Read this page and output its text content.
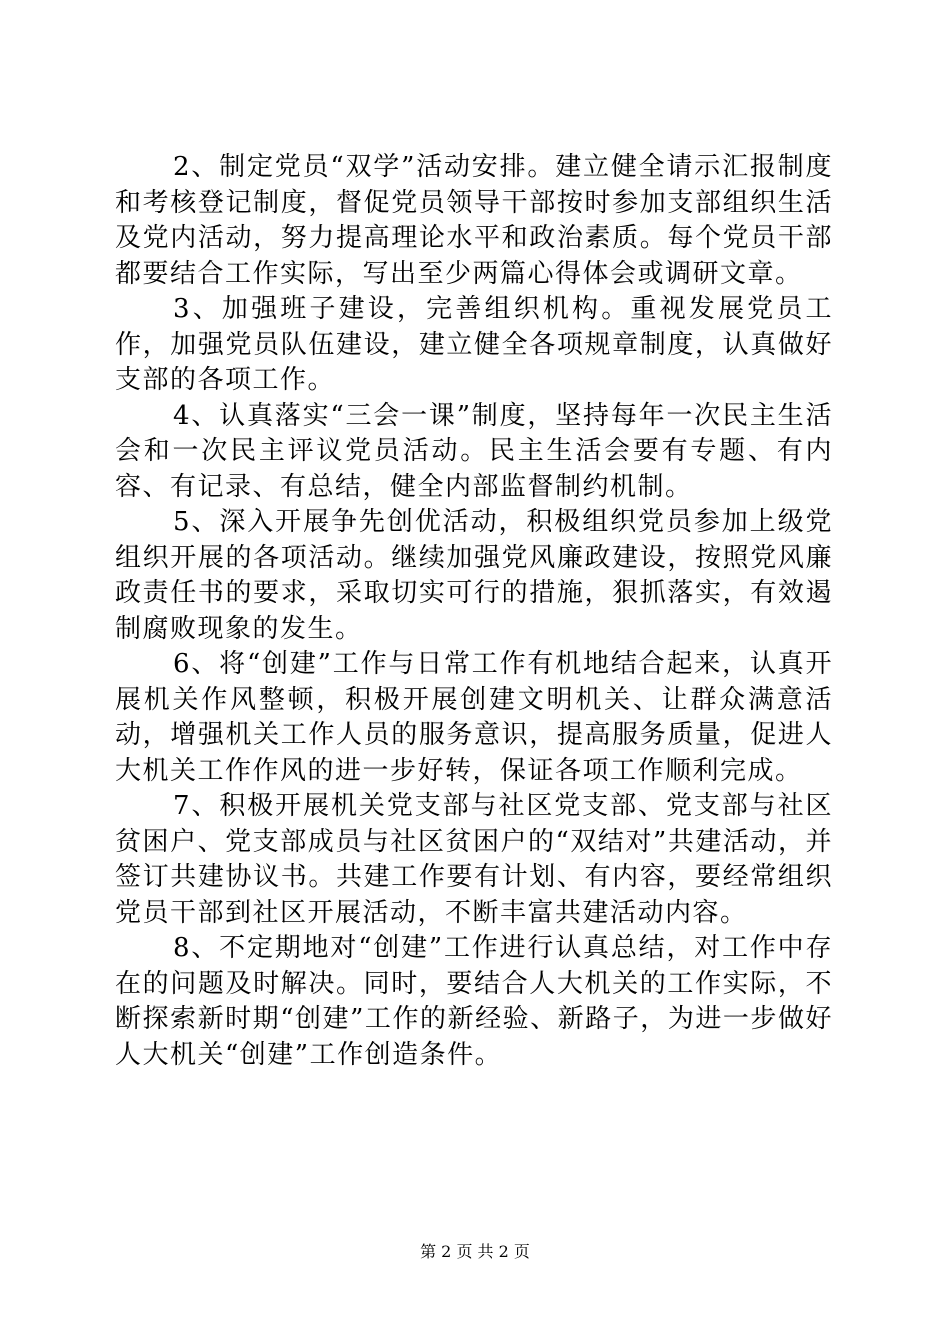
2、制定党员“双学”活动安排。建立健全请示汇报制度和考核登记制度，督促党员领导干部按时参加支部组织生活及党内活动，努力提高理论水平和政治素质。每个党员干部都要结合工作实际，写出至少两篇心得体会或调研文章。

3、加强班子建设，完善组织机构。重视发展党员工作，加强党员队伍建设，建立健全各项规章制度，认真做好支部的各项工作。

4、认真落实“三会一课”制度，坚持每年一次民主生活会和一次民主评议党员活动。民主生活会要有专题、有内容、有记录、有总结，健全内部监督制约机制。

5、深入开展争先创优活动，积极组织党员参加上级党组织开展的各项活动。继续加强党风廉政建设，按照党风廉政责任书的要求，采取切实可行的措施，狠抓落实，有效遏制腐败现象的发生。

6、将“创建”工作与日常工作有机地结合起来，认真开展机关作风整顿，积极开展创建文明机关、让群众满意活动，增强机关工作人员的服务意识，提高服务质量，促进人大机关工作作风的进一步好转，保证各项工作顺利完成。

7、积极开展机关党支部与社区党支部、党支部与社区贫困户、党支部成员与社区贫困户的“双结对”共建活动，并签订共建协议书。共建工作要有计划、有内容，要经常组织党员干部到社区开展活动，不断丰富共建活动内容。

8、不定期地对“创建”工作进行认真总结，对工作中存在的问题及时解决。同时，要结合人大机关的工作实际，不断探索新时期“创建”工作的新经验、新路子，为进一步做好人大机关“创建”工作创造条件。

第 2 页 共 2 页
